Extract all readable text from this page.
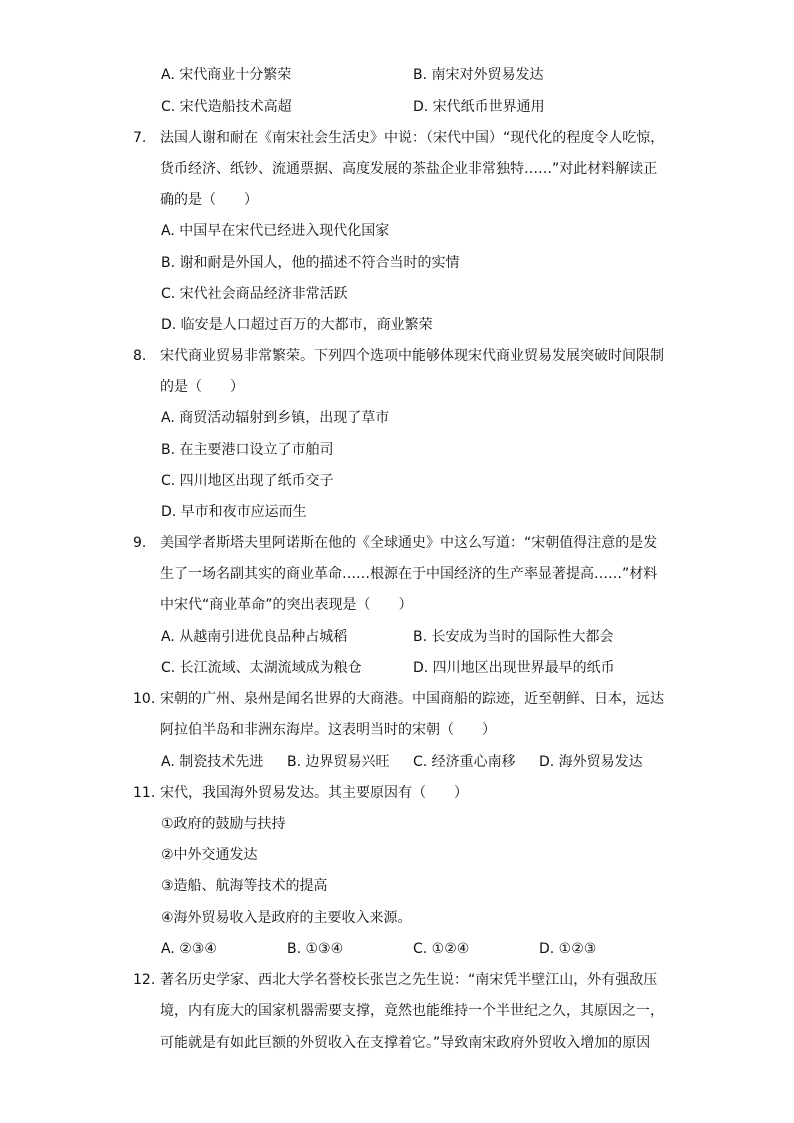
A. 宋代商业十分繁荣	B. 南宋对外贸易发达
C. 宋代造船技术高超	D. 宋代纸币世界通用
7. 法国人谢和耐在《南宋社会生活史》中说：（宋代中国）“现代化的程度令人吃惊，
货币经济、纸钞、流通票据、高度发展的茶盐企业非常独特……”对此材料解读正
确的是（　　）
A. 中国早在宋代已经进入现代化国家
B. 谢和耐是外国人，他的描述不符合当时的实情
C. 宋代社会商品经济非常活跃
D. 临安是人口超过百万的大都市，商业繁荣
8. 宋代商业贸易非常繁荣。下列四个选项中能够体现宋代商业贸易发展突破时间限制
的是（　　）
A. 商贸活动辐射到乡镇，出现了草市
B. 在主要港口设立了市舶司
C. 四川地区出现了纸币交子
D. 早市和夜市应运而生
9. 美国学者斯塔夫里阿诺斯在他的《全球通史》中这么写道：“宋朝值得注意的是发
生了一场名副其实的商业革命……根源在于中国经济的生产率显著提高……”材料
中宋代“商业革命”的突出表现是（　　）
A. 从越南引进优良品种占城稻	B. 长安成为当时的国际性大都会
C. 长江流域、太湖流域成为粮仓	D. 四川地区出现世界最早的纸币
10. 宋朝的广州、泉州是闻名世界的大商港。中国商船的踪迹，近至朝鲜、日本，远达
阿拉伯半岛和非洲东海岸。这表明当时的宋朝（　　）
A. 制瓷技术先进 B. 边界贸易兴旺 C. 经济重心南移 D. 海外贸易发达
11. 宋代，我国海外贸易发达。其主要原因有（　　）
①政府的鼓励与扶持
②中外交通发达
③造船、航海等技术的提高
④海外贸易收入是政府的主要收入来源。
A. ②③④	B. ①③④	C. ①②④	D. ①②③
12. 著名历史学家、西北大学名誉校长张岂之先生说：“南宋凭半壁江山，外有强敌压
境，内有庞大的国家机器需要支撑，竟然也能维持一个半世纪之久，其原因之一，
可能就是有如此巨额的外贸收入在支撑着它。”导致南宋政府外贸收入增加的原因
